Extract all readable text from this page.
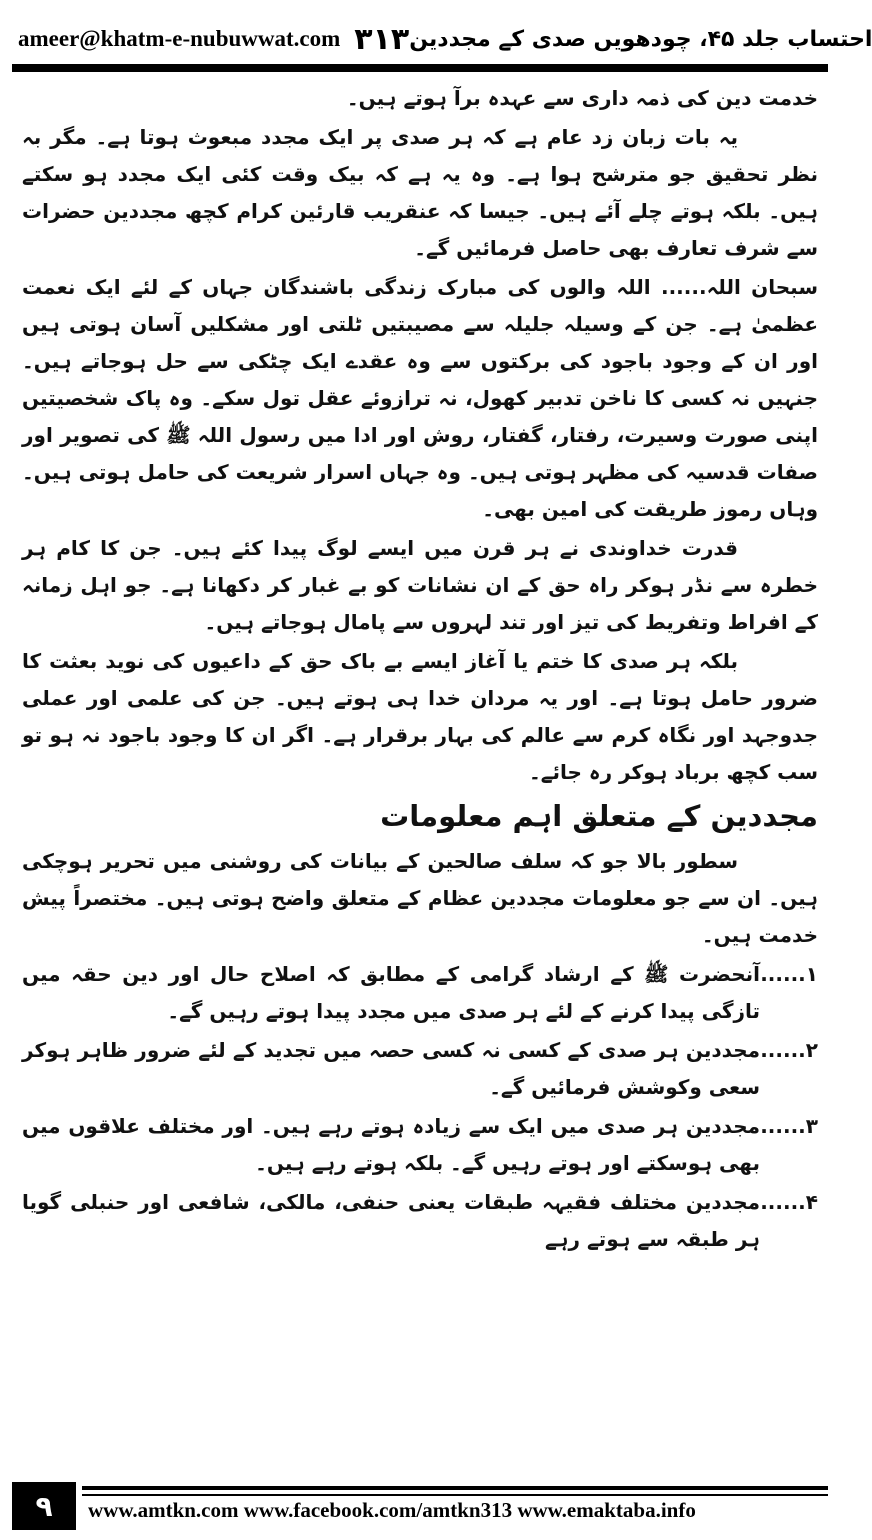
ameer@khatm-e-nubuwwat.com ۳۱۳ احتساب جلد ۴۵، چودھویں صدی کے مجددین

خدمت دین کی ذمہ داری سے عہدہ برآ ہوتے ہیں۔

یہ بات زبان زد عام ہے کہ ہر صدی پر ایک مجدد مبعوث ہوتا ہے۔ مگر بہ نظر تحقیق جو مترشح ہوا ہے۔ وہ یہ ہے کہ بیک وقت کئی ایک مجدد ہو سکتے ہیں۔ بلکہ ہوتے چلے آئے ہیں۔ جیسا کہ عنقریب قارئین کرام کچھ مجددین حضرات سے شرف تعارف بھی حاصل فرمائیں گے۔

سبحان اللہ...... اللہ والوں کی مبارک زندگی باشندگان جہاں کے لئے ایک نعمت عظمیٰ ہے۔ جن کے وسیلہ جلیلہ سے مصیبتیں ٹلتی اور مشکلیں آسان ہوتی ہیں اور ان کے وجود باجود کی برکتوں سے وہ عقدے ایک چٹکی سے حل ہوجاتے ہیں۔ جنہیں نہ کسی کا ناخن تدبیر کھول، نہ ترازوئے عقل تول سکے۔ وہ پاک شخصیتیں اپنی صورت وسیرت، رفتار، گفتار، روش اور ادا میں رسول اللہ ﷺ کی تصویر اور صفات قدسیہ کی مظہر ہوتی ہیں۔ وہ جہاں اسرار شریعت کی حامل ہوتی ہیں۔ وہاں رموز طریقت کی امین بھی۔

قدرت خداوندی نے ہر قرن میں ایسے لوگ پیدا کئے ہیں۔ جن کا کام ہر خطرہ سے نڈر ہوکر راہ حق کے ان نشانات کو بے غبار کر دکھانا ہے۔ جو اہل زمانہ کے افراط وتفریط کی تیز اور تند لہروں سے پامال ہوجاتے ہیں۔

بلکہ ہر صدی کا ختم یا آغاز ایسے بے باک حق کے داعیوں کی نوید بعثت کا ضرور حامل ہوتا ہے۔ اور یہ مردان خدا ہی ہوتے ہیں۔ جن کی علمی اور عملی جدوجہد اور نگاہ کرم سے عالم کی بہار برقرار ہے۔ اگر ان کا وجود باجود نہ ہو تو سب کچھ برباد ہوکر رہ جائے۔

مجددین کے متعلق اہم معلومات

سطور بالا جو کہ سلف صالحین کے بیانات کی روشنی میں تحریر ہوچکی ہیں۔ ان سے جو معلومات مجددین عظام کے متعلق واضح ہوتی ہیں۔ مختصراً پیش خدمت ہیں۔

۱......
آنحضرت ﷺ کے ارشاد گرامی کے مطابق کہ اصلاح حال اور دین حقہ میں تازگی پیدا کرنے کے لئے ہر صدی میں مجدد پیدا ہوتے رہیں گے۔
۲......
مجددین ہر صدی کے کسی نہ کسی حصہ میں تجدید کے لئے ضرور ظاہر ہوکر سعی وکوشش فرمائیں گے۔
۳......
مجددین ہر صدی میں ایک سے زیادہ ہوتے رہے ہیں۔ اور مختلف علاقوں میں بھی ہوسکتے اور ہوتے رہیں گے۔ بلکہ ہوتے رہے ہیں۔
۴......
مجددین مختلف فقیہہ طبقات یعنی حنفی، مالکی، شافعی اور حنبلی گویا ہر طبقہ سے ہوتے رہے
۹	www.amtkn.com www.facebook.com/amtkn313 www.emaktaba.info
